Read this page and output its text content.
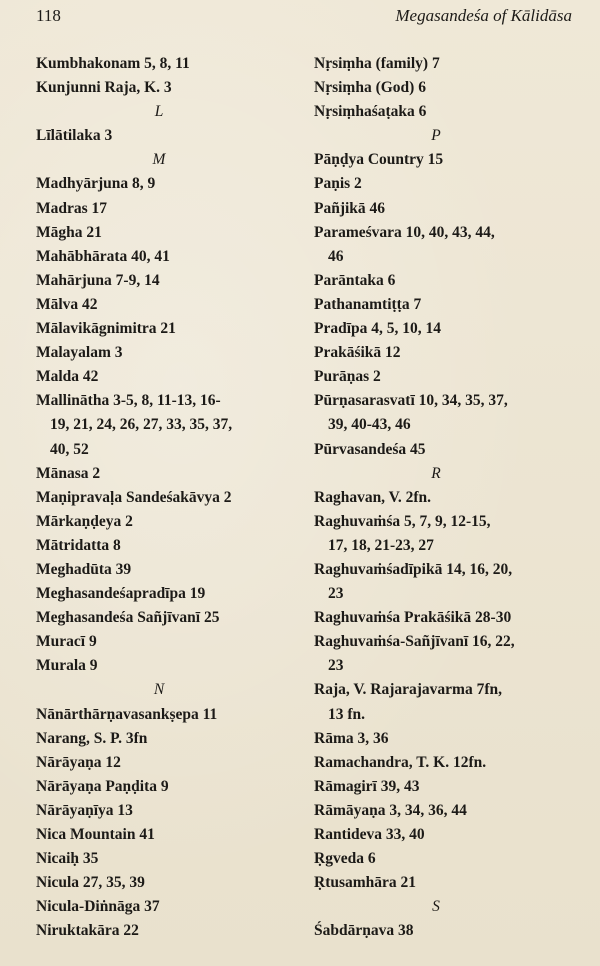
118	Megasandeśa of Kālidāsa
Kumbhakonam 5, 8, 11
Kunjunni Raja, K. 3
L
Līlātilaka 3
M
Madhyārjuna 8, 9
Madras 17
Māgha 21
Mahābhārata 40, 41
Mahārjuna 7-9, 14
Mālva 42
Mālavikāgnimitra 21
Malayalam 3
Malda 42
Mallinātha 3-5, 8, 11-13, 16-
19, 21, 24, 26, 27, 33, 35, 37,
40, 52
Mānasa 2
Maṇipravaḷa Sandeśakāvya 2
Mārkaṇḍeya 2
Mātridatta 8
Meghadūta 39
Meghasandeśapradīpa 19
Meghasandeśa Sañjīvanī 25
Muracī 9
Murala 9
N
Nānārthārṇavasankṣepa 11
Narang, S. P. 3fn
Nārāyaṇa 12
Nārāyaṇa Paṇḍita 9
Nārāyaṇīya 13
Nica Mountain 41
Nicaiḥ 35
Nicula 27, 35, 39
Nicula-Diṅnāga 37
Niruktakāra 22
Nṛsiṃha (family) 7
Nṛsiṃha (God) 6
Nṛsiṃhaśaṭaka 6
P
Pāṇḍya Country 15
Paṇis 2
Pañjikā 46
Parameśvara 10, 40, 43, 44,
46
Parāntaka 6
Pathanamtiṭṭa 7
Pradīpa 4, 5, 10, 14
Prakāśikā 12
Purāṇas 2
Pūrṇasarasvatī 10, 34, 35, 37,
39, 40-43, 46
Pūrvasandeśa 45
R
Raghavan, V. 2fn.
Raghuvaṁśa 5, 7, 9, 12-15,
17, 18, 21-23, 27
Raghuvaṁśadīpikā 14, 16, 20,
23
Raghuvaṁśa Prakāśikā 28-30
Raghuvaṁśa-Sañjīvanī 16, 22,
23
Raja, V. Rajarajavarma 7fn,
13 fn.
Rāma 3, 36
Ramachandra, T. K. 12fn.
Rāmagirī 39, 43
Rāmāyaṇa 3, 34, 36, 44
Rantideva 33, 40
Ṛgveda 6
Ṛtusamhāra 21
S
Śabdārṇava 38
